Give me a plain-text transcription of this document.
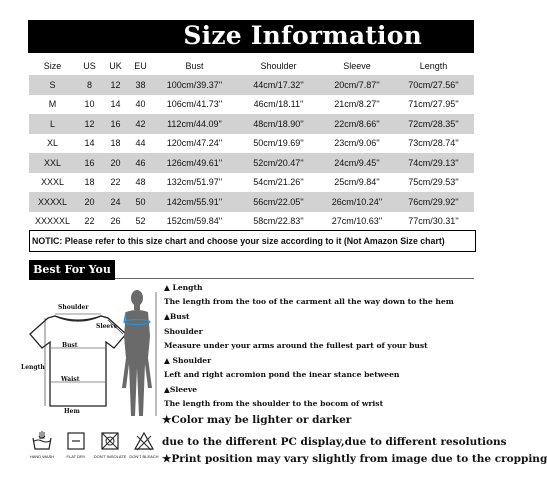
Size Information
Size	US	UK	EU	Bust	Shoulder	Sleeve	Length
S	8	12	38	100cm/39.37''	44cm/17.32''	20cm/7.87''	70cm/27.56''
M	10	14	40	106cm/41.73''	46cm/18.11''	21cm/8.27''	71cm/27.95''
L	12	16	42	112cm/44.09''	48cm/18.90''	22cm/8.66''	72cm/28.35''
XL	14	18	44	120cm/47.24''	50cm/19.69''	23cm/9.06''	73cm/28.74''
XXL	16	20	46	126cm/49.61''	52cm/20.47''	24cm/9.45''	74cm/29.13''
XXXL	18	22	48	132cm/51.97''	54cm/21.26''	25cm/9.84''	75cm/29.53''
XXXXL	20	24	50	142cm/55.91''	56cm/22.05''	26cm/10.24''	76cm/29.92''
XXXXXL	22	26	52	152cm/59.84''	58cm/22.83''	27cm/10.63''	77cm/30.31''
NOTIC: Please refer to this size chart and choose your size according to it (Not Amazon Size chart)
Best For You
Shoulder
Sleeve
Bust
Length
Waist
Hem
▲ Length
The length from the too of the carment all the way down to the hem
▲Bust
Shoulder
Measure under your arms around the fullest part of your bust
▲ Shoulder
Left and right acromion pond the inear stance between
▲Sleeve
The length from the shoulder to the bocom of wrist
★Color may be lighter or darker
due to the different PC display,due to different resolutions
★Print position may vary slightly from image due to the cropping
HAND WASH	FLAT DRY	DON'T INSOLATE DON'T BLEACH
